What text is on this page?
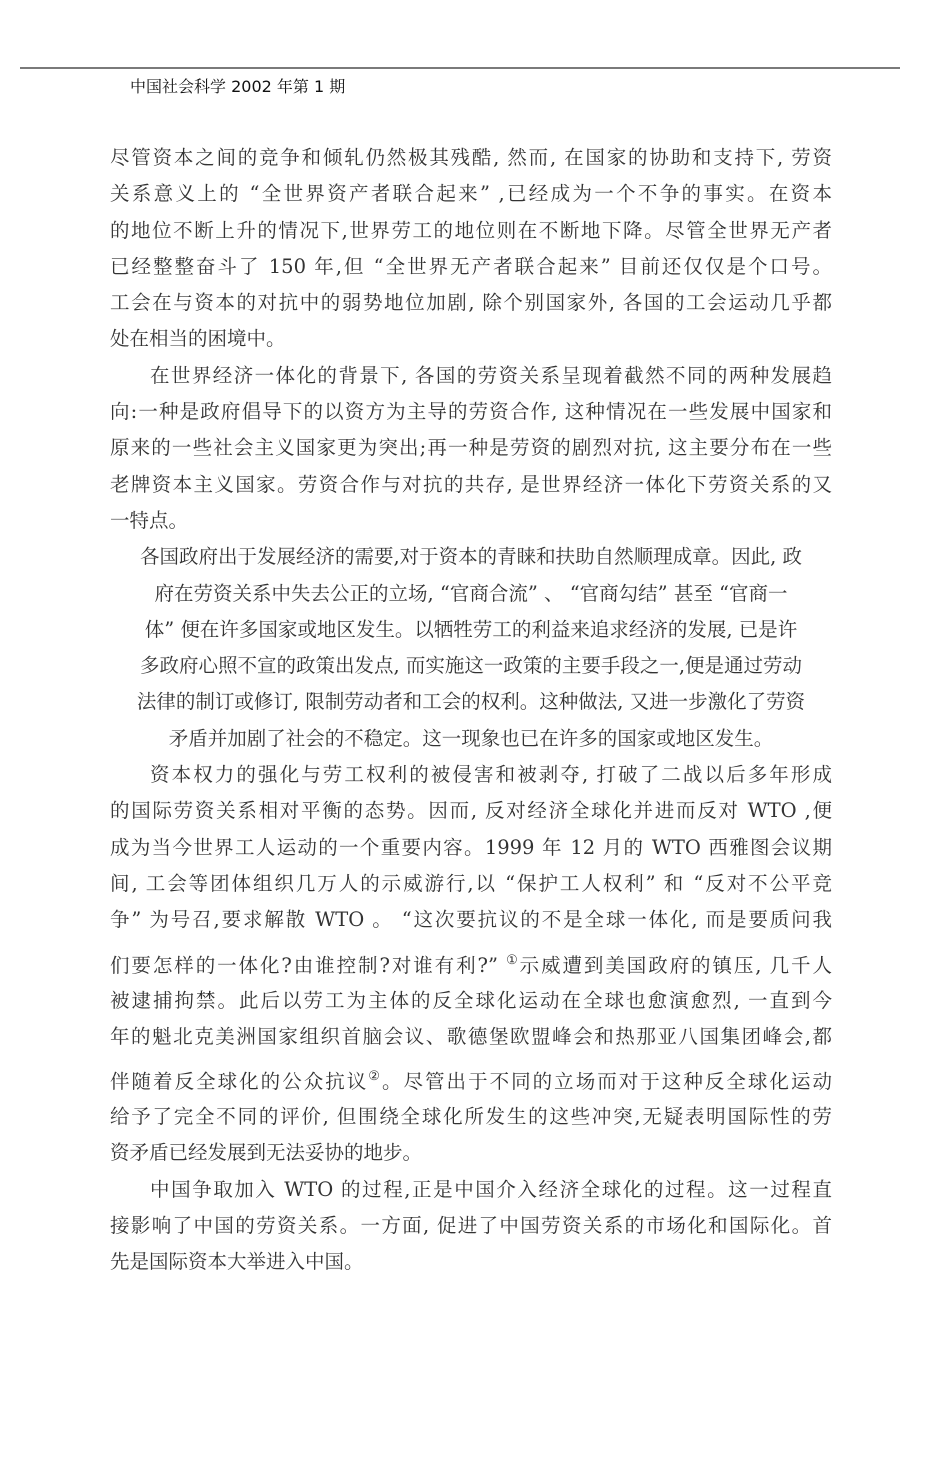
中国社会科学 2002 年第 1 期
尽管资本之间的竞争和倾轧仍然极其残酷, 然而, 在国家的协助和支持下, 劳资
关系意义上的 “全世界资产者联合起来” ,已经成为一个不争的事实。在资本
的地位不断上升的情况下,世界劳工的地位则在不断地下降。尽管全世界无产者
已经整整奋斗了 150 年,但 “全世界无产者联合起来” 目前还仅仅是个口号。
工会在与资本的对抗中的弱势地位加剧, 除个别国家外, 各国的工会运动几乎都
处在相当的困境中。
在世界经济一体化的背景下, 各国的劳资关系呈现着截然不同的两种发展趋
向:一种是政府倡导下的以资方为主导的劳资合作, 这种情况在一些发展中国家和
原来的一些社会主义国家更为突出;再一种是劳资的剧烈对抗, 这主要分布在一些
老牌资本主义国家。劳资合作与对抗的共存, 是世界经济一体化下劳资关系的又
一特点。
各国政府出于发展经济的需要,对于资本的青睐和扶助自然顺理成章。因此, 政
府在劳资关系中失去公正的立场, “官商合流” 、 “官商勾结” 甚至 “官商一
体” 便在许多国家或地区发生。以牺牲劳工的利益来追求经济的发展, 已是许
多政府心照不宣的政策出发点, 而实施这一政策的主要手段之一,便是通过劳动
法律的制订或修订, 限制劳动者和工会的权利。这种做法, 又进一步激化了劳资
矛盾并加剧了社会的不稳定。这一现象也已在许多的国家或地区发生。
资本权力的强化与劳工权利的被侵害和被剥夺, 打破了二战以后多年形成
的国际劳资关系相对平衡的态势。因而, 反对经济全球化并进而反对 WTO ,便
成为当今世界工人运动的一个重要内容。1999 年 12 月的 WTO 西雅图会议期
间, 工会等团体组织几万人的示威游行,以 “保护工人权利” 和 “反对不公平竞
争” 为号召,要求解散 WTO 。 “这次要抗议的不是全球一体化, 而是要质问我
们要怎样的一体化?由谁控制?对谁有利?” ①示威遭到美国政府的镇压, 几千人
被逮捕拘禁。此后以劳工为主体的反全球化运动在全球也愈演愈烈, 一直到今
年的魁北克美洲国家组织首脑会议、歌德堡欧盟峰会和热那亚八国集团峰会,都
伴随着反全球化的公众抗议②。尽管出于不同的立场而对于这种反全球化运动
给予了完全不同的评价, 但围绕全球化所发生的这些冲突,无疑表明国际性的劳
资矛盾已经发展到无法妥协的地步。
中国争取加入 WTO 的过程,正是中国介入经济全球化的过程。这一过程直
接影响了中国的劳资关系。一方面, 促进了中国劳资关系的市场化和国际化。首
先是国际资本大举进入中国。
